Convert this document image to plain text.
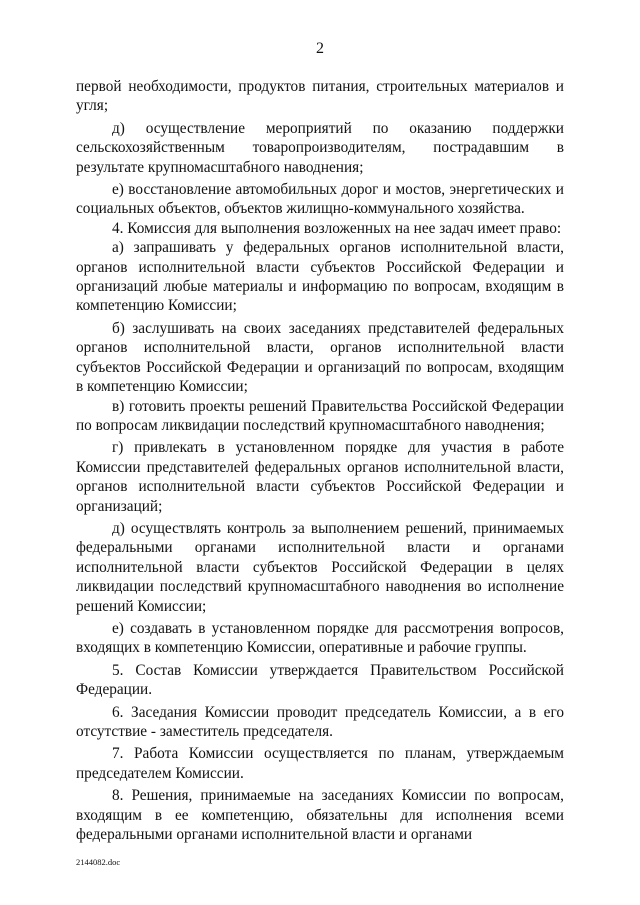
2

первой необходимости, продуктов питания, строительных материалов и угля;

д) осуществление мероприятий по оказанию поддержки сельскохозяйственным товаропроизводителям, пострадавшим в результате крупномасштабного наводнения;

е) восстановление автомобильных дорог и мостов, энергетических и социальных объектов, объектов жилищно-коммунального хозяйства.

4. Комиссия для выполнения возложенных на нее задач имеет право:

а) запрашивать у федеральных органов исполнительной власти, органов исполнительной власти субъектов Российской Федерации и организаций любые материалы и информацию по вопросам, входящим в компетенцию Комиссии;

б) заслушивать на своих заседаниях представителей федеральных органов исполнительной власти, органов исполнительной власти субъектов Российской Федерации и организаций по вопросам, входящим в компетенцию Комиссии;

в) готовить проекты решений Правительства Российской Федерации по вопросам ликвидации последствий крупномасштабного наводнения;

г) привлекать в установленном порядке для участия в работе Комиссии представителей федеральных органов исполнительной власти, органов исполнительной власти субъектов Российской Федерации и организаций;

д) осуществлять контроль за выполнением решений, принимаемых федеральными органами исполнительной власти и органами исполнительной власти субъектов Российской Федерации в целях ликвидации последствий крупномасштабного наводнения во исполнение решений Комиссии;

е) создавать в установленном порядке для рассмотрения вопросов, входящих в компетенцию Комиссии, оперативные и рабочие группы.

5. Состав Комиссии утверждается Правительством Российской Федерации.

6. Заседания Комиссии проводит председатель Комиссии, а в его отсутствие - заместитель председателя.

7. Работа Комиссии осуществляется по планам, утверждаемым председателем Комиссии.

8. Решения, принимаемые на заседаниях Комиссии по вопросам, входящим в ее компетенцию, обязательны для исполнения всеми федеральными органами исполнительной власти и органами

2144082.doc
